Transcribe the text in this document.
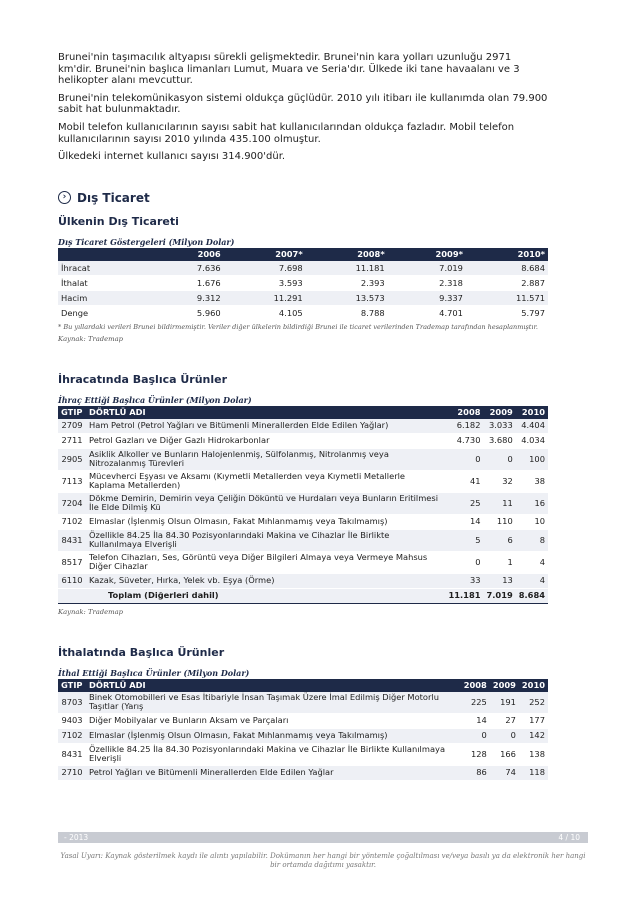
Brunei'nin taşımacılık altyapısı sürekli gelişmektedir. Brunei'nin kara yolları uzunluğu 2971 km'dir. Brunei'nin başlıca limanları Lumut, Muara ve Seria'dır. Ülkede iki tane havaalanı ve 3 helikopter alanı mevcuttur.

Brunei'nin telekomünikasyon sistemi oldukça güçlüdür. 2010 yılı itibarı ile kullanımda olan 79.900 sabit hat bulunmaktadır.

Mobil telefon kullanıcılarının sayısı sabit hat kullanıcılarından oldukça fazladır. Mobil telefon kullanıcılarının sayısı 2010 yılında 435.100 olmuştur.

Ülkedeki internet kullanıcı sayısı 314.900'dür.

› Dış Ticaret
Ülkenin Dış Ticareti
Dış Ticaret Göstergeleri (Milyon Dolar)
	2006	2007*	2008*	2009*	2010*
İhracat	7.636	7.698	11.181	7.019	8.684
İthalat	1.676	3.593	2.393	2.318	2.887
Hacim	9.312	11.291	13.573	9.337	11.571
Denge	5.960	4.105	8.788	4.701	5.797
* Bu yıllardaki verileri Brunei bildirmemiştir. Veriler diğer ülkelerin bildirdiği Brunei ile ticaret verilerinden Trademap tarafından hesaplanmıştır.
Kaynak: Trademap
İhracatında Başlıca Ürünler
İhraç Ettiği Başlıca Ürünler (Milyon Dolar)
GTIP	DÖRTLÜ ADI	2008	2009	2010
2709	Ham Petrol (Petrol Yağları ve Bitümenli Minerallerden Elde Edilen Yağlar)	6.182	3.033	4.404
2711	Petrol Gazları ve Diğer Gazlı Hidrokarbonlar	4.730	3.680	4.034
2905	Asiklik Alkoller ve Bunların Halojenlenmiş, Sülfolanmış, Nitrolanmış veya Nitrozalanmış Türevleri	0	0	100
7113	Mücevherci Eşyası ve Aksamı (Kıymetli Metallerden veya Kıymetli Metallerle Kaplama Metallerden)	41	32	38
7204	Dökme Demirin, Demirin veya Çeliğin Döküntü ve Hurdaları veya Bunların Eritilmesi İle Elde Dilmiş Kü	25	11	16
7102	Elmaslar (İşlenmiş Olsun Olmasın, Fakat Mıhlanmamış veya Takılmamış)	14	110	10
8431	Özellikle 84.25 İla 84.30 Pozisyonlarındaki Makina ve Cihazlar İle Birlikte Kullanılmaya Elverişli	5	6	8
8517	Telefon Cihazları, Ses, Görüntü veya Diğer Bilgileri Almaya veya Vermeye Mahsus Diğer Cihazlar	0	1	4
6110	Kazak, Süveter, Hırka, Yelek vb. Eşya (Örme)	33	13	4
	Toplam (Diğerleri dahil)	11.181	7.019	8.684
Kaynak: Trademap
İthalatında Başlıca Ürünler
İthal Ettiği Başlıca Ürünler (Milyon Dolar)
GTIP	DÖRTLÜ ADI	2008	2009	2010
8703	Binek Otomobilleri ve Esas İtibariyle İnsan Taşımak Üzere İmal Edilmiş Diğer Motorlu Taşıtlar (Yarış	225	191	252
9403	Diğer Mobilyalar ve Bunların Aksam ve Parçaları	14	27	177
7102	Elmaslar (İşlenmiş Olsun Olmasın, Fakat Mıhlanmamış veya Takılmamış)	0	0	142
8431	Özellikle 84.25 İla 84.30 Pozisyonlarındaki Makina ve Cihazlar İle Birlikte Kullanılmaya Elverişli	128	166	138
2710	Petrol Yağları ve Bitümenli Minerallerden Elde Edilen Yağlar	86	74	118
- 2013	4 / 10
Yasal Uyarı: Kaynak gösterilmek kaydı ile alıntı yapılabilir. Dokümanın her hangi bir yöntemle çoğaltılması ve/veya basılı ya da elektronik her hangi bir ortamda dağıtımı yasaktır.
